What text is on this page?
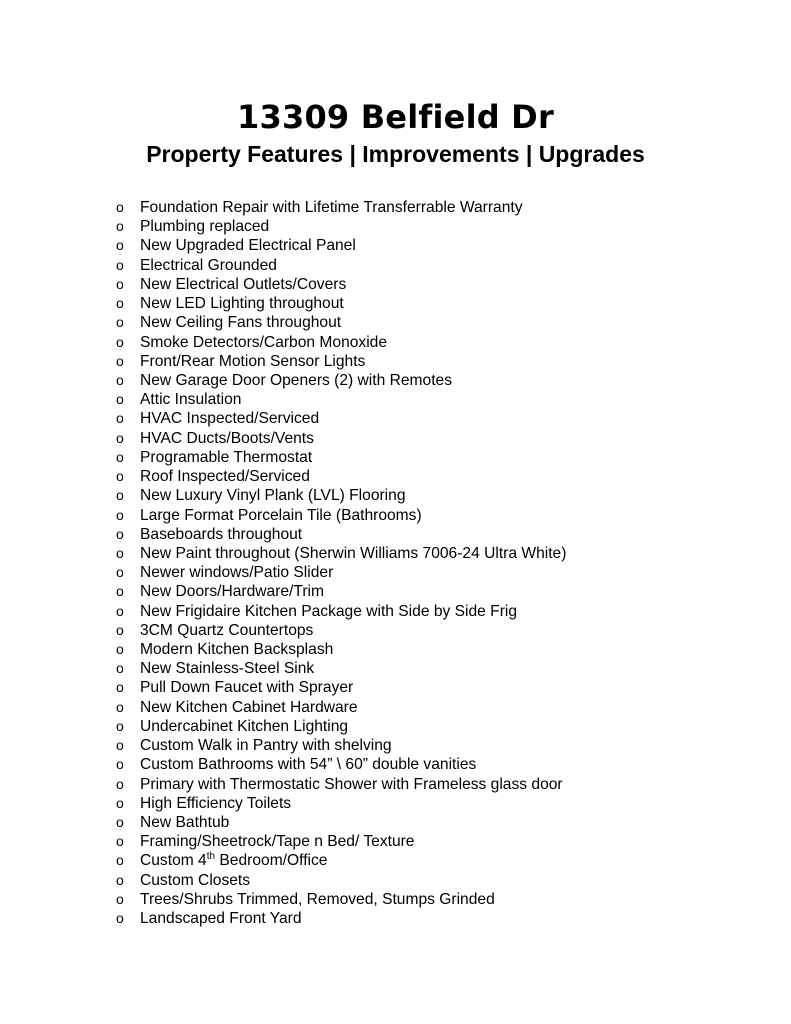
13309 Belfield Dr
Property Features | Improvements | Upgrades
o Foundation Repair with Lifetime Transferrable Warranty
o Plumbing replaced
o New Upgraded Electrical Panel
o Electrical Grounded
o New Electrical Outlets/Covers
o New LED Lighting throughout
o New Ceiling Fans throughout
o Smoke Detectors/Carbon Monoxide
o Front/Rear Motion Sensor Lights
o New Garage Door Openers (2) with Remotes
o Attic Insulation
o HVAC Inspected/Serviced
o HVAC Ducts/Boots/Vents
o Programable Thermostat
o Roof Inspected/Serviced
o New Luxury Vinyl Plank (LVL) Flooring
o Large Format Porcelain Tile (Bathrooms)
o Baseboards throughout
o New Paint throughout (Sherwin Williams 7006-24 Ultra White)
o Newer windows/Patio Slider
o New Doors/Hardware/Trim
o New Frigidaire Kitchen Package with Side by Side Frig
o 3CM Quartz Countertops
o Modern Kitchen Backsplash
o New Stainless-Steel Sink
o Pull Down Faucet with Sprayer
o New Kitchen Cabinet Hardware
o Undercabinet Kitchen Lighting
o Custom Walk in Pantry with shelving
o Custom Bathrooms with 54” \ 60” double vanities
o Primary with Thermostatic Shower with Frameless glass door
o High Efficiency Toilets
o New Bathtub
o Framing/Sheetrock/Tape n Bed/ Texture
o Custom 4th Bedroom/Office
o Custom Closets
o Trees/Shrubs Trimmed, Removed, Stumps Grinded
o Landscaped Front Yard
